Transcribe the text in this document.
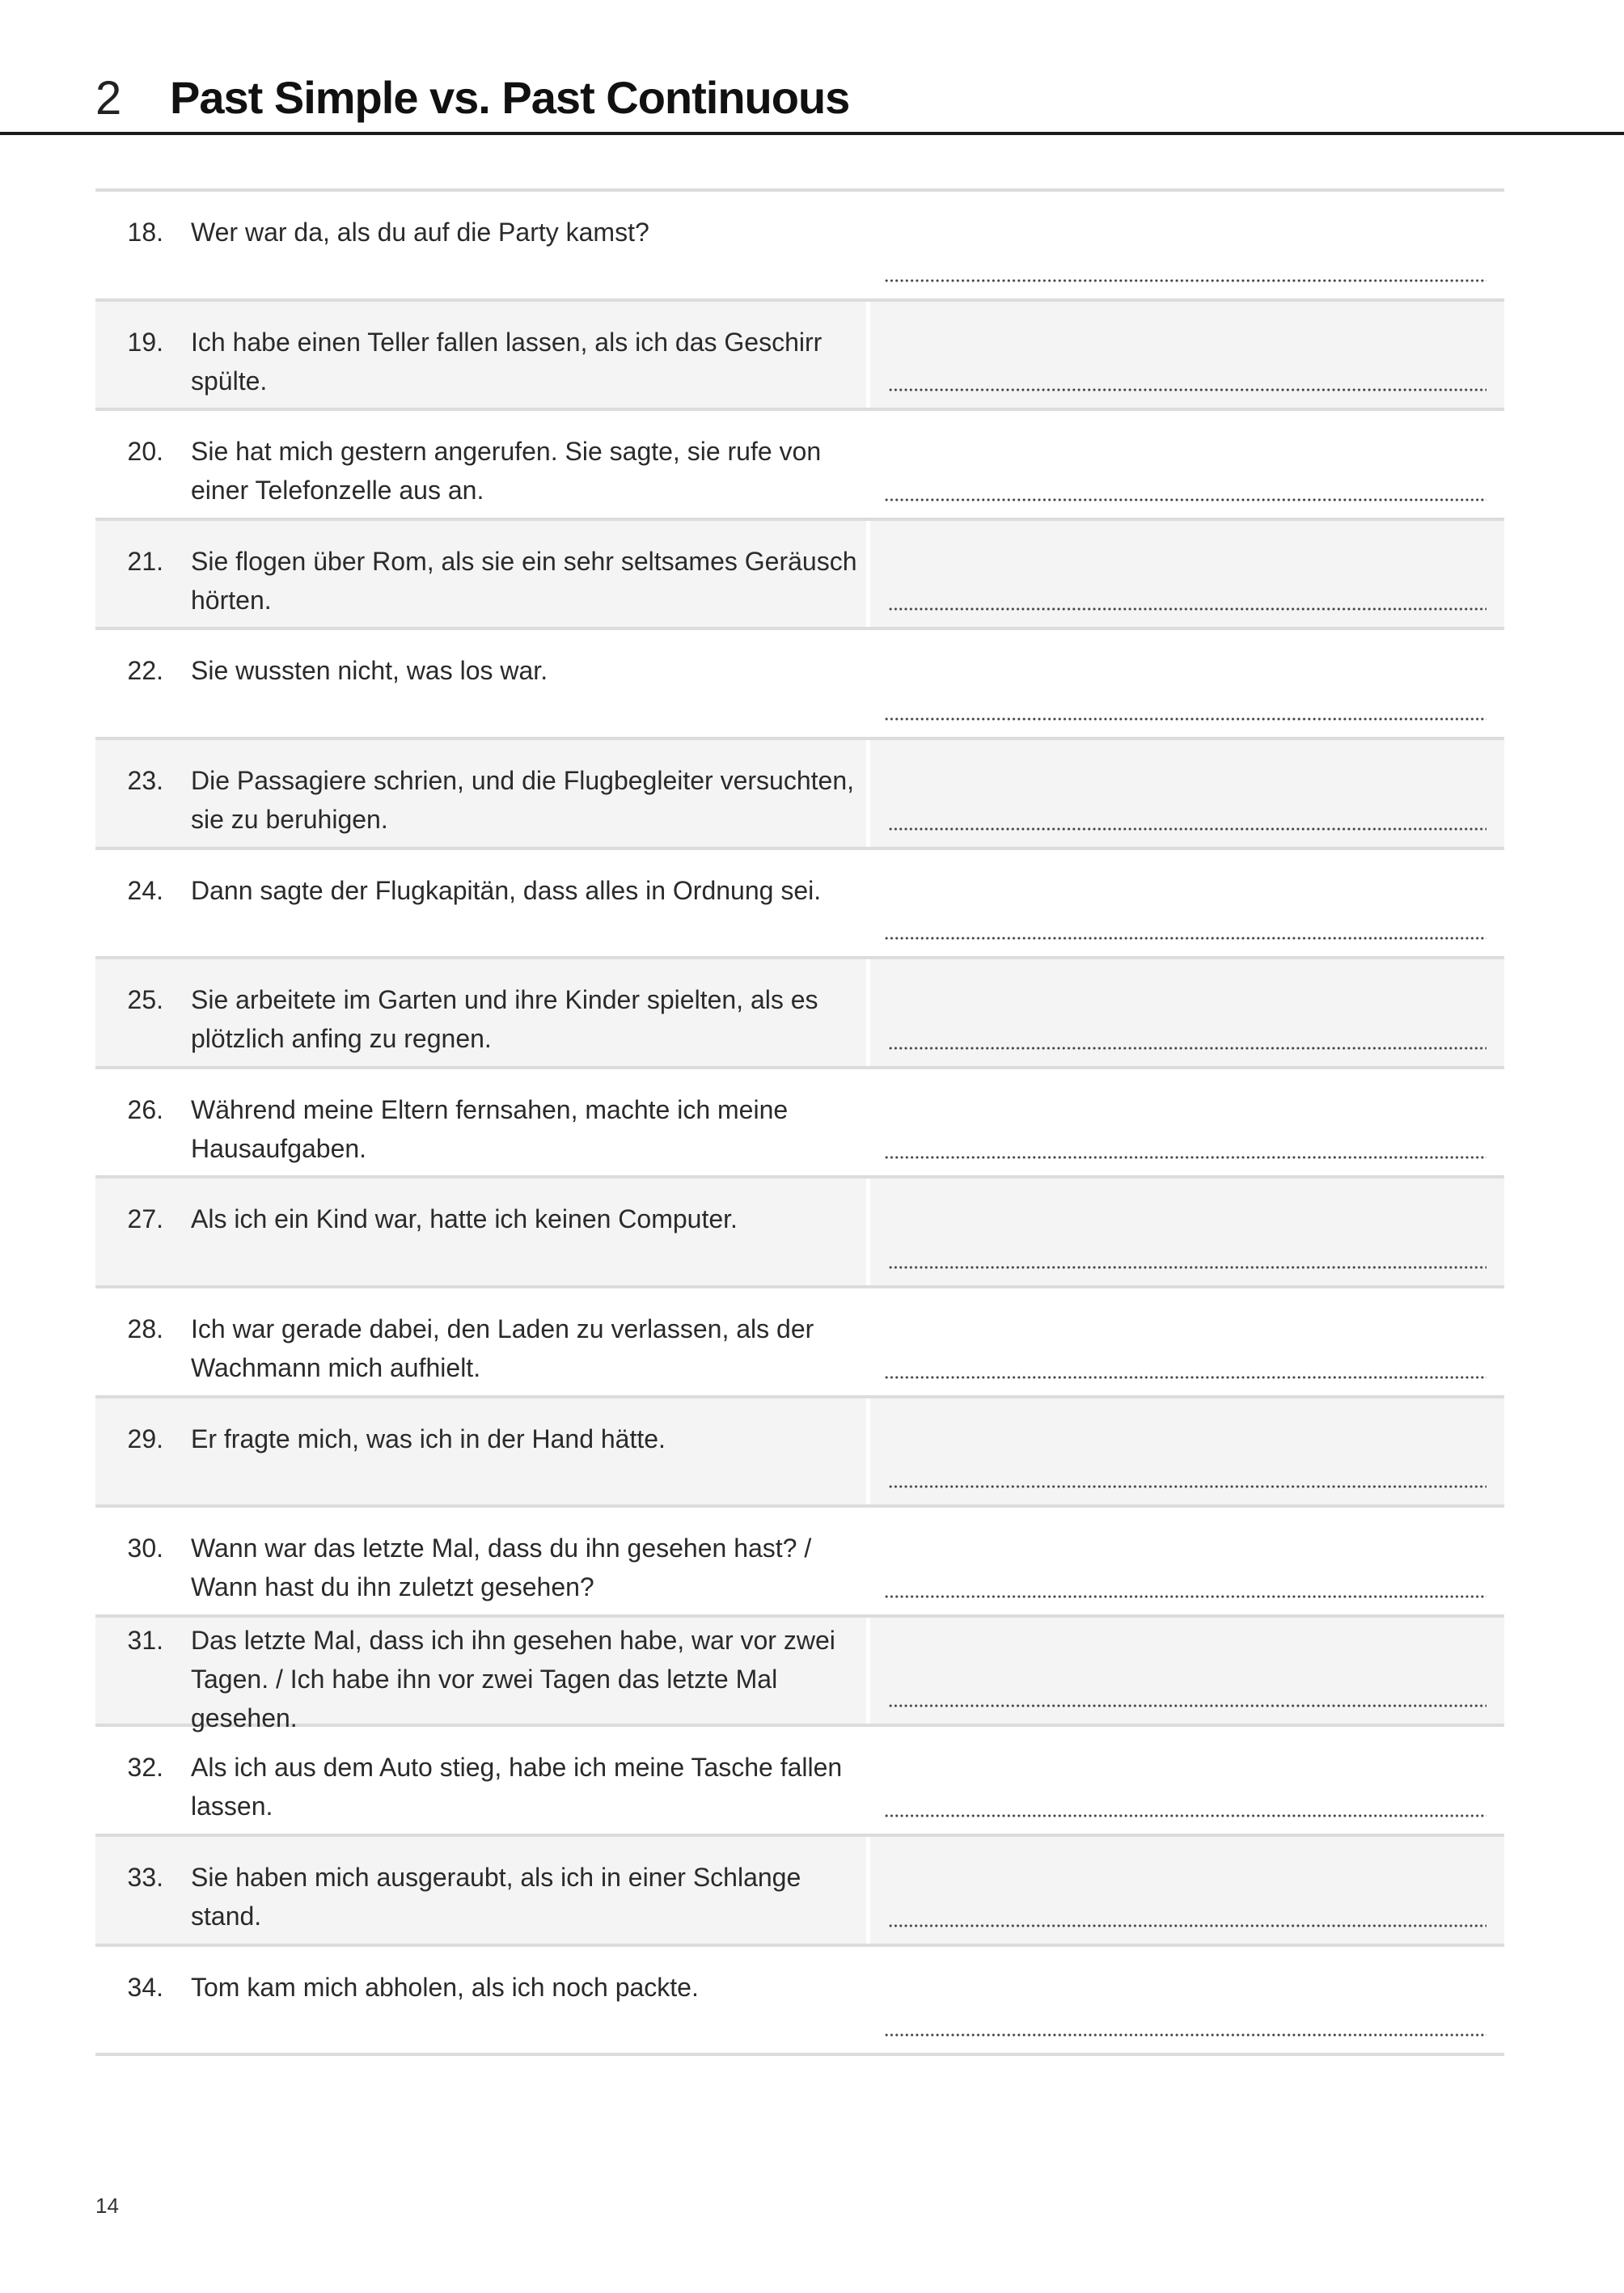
2 Past Simple vs. Past Continuous
18.	Wer war da, als du auf die Party kamst?
19.	Ich habe einen Teller fallen lassen, als ich das Geschirr spülte.
20.	Sie hat mich gestern angerufen. Sie sagte, sie rufe von einer Telefonzelle aus an.
21.	Sie flogen über Rom, als sie ein sehr seltsames Geräusch hörten.
22.	Sie wussten nicht, was los war.
23.	Die Passagiere schrien, und die Flugbegleiter versuchten, sie zu beruhigen.
24.	Dann sagte der Flugkapitän, dass alles in Ordnung sei.
25.	Sie arbeitete im Garten und ihre Kinder spielten, als es plötzlich anfing zu regnen.
26.	Während meine Eltern fernsahen, machte ich meine Hausaufgaben.
27.	Als ich ein Kind war, hatte ich keinen Computer.
28.	Ich war gerade dabei, den Laden zu verlassen, als der Wachmann mich aufhielt.
29.	Er fragte mich, was ich in der Hand hätte.
30.	Wann war das letzte Mal, dass du ihn gesehen hast? / Wann hast du ihn zuletzt gesehen?
31.	Das letzte Mal, dass ich ihn gesehen habe, war vor zwei Tagen. / Ich habe ihn vor zwei Tagen das letzte Mal gesehen.
32.	Als ich aus dem Auto stieg, habe ich meine Tasche fallen lassen.
33.	Sie haben mich ausgeraubt, als ich in einer Schlange stand.
34.	Tom kam mich abholen, als ich noch packte.
14
